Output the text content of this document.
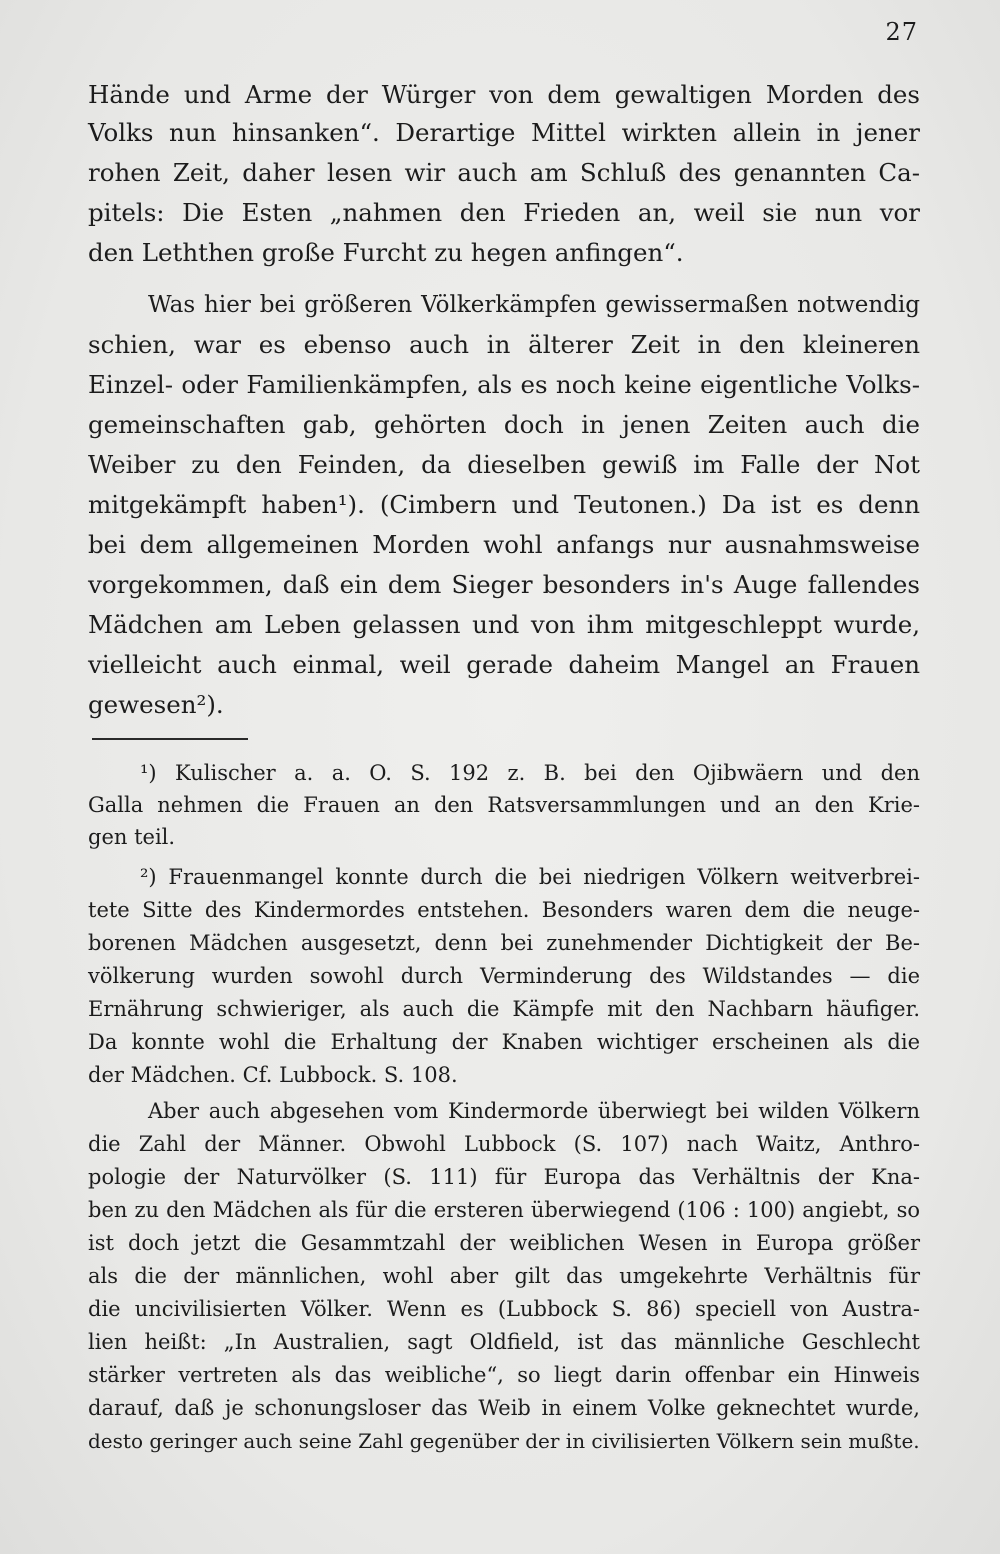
27
Hände und Arme der Würger von dem gewaltigen Morden des
Volks nun hinsanken“. Derartige Mittel wirkten allein in jener
rohen Zeit, daher lesen wir auch am Schluß des genannten Ca-
pitels: Die Esten „nahmen den Frieden an, weil sie nun vor
den Leththen große Furcht zu hegen anfingen“.
Was hier bei größeren Völkerkämpfen gewissermaßen notwendig
schien, war es ebenso auch in älterer Zeit in den kleineren
Einzel- oder Familienkämpfen, als es noch keine eigentliche Volks-
gemeinschaften gab, gehörten doch in jenen Zeiten auch die
Weiber zu den Feinden, da dieselben gewiß im Falle der Not
mitgekämpft haben¹). (Cimbern und Teutonen.) Da ist es denn
bei dem allgemeinen Morden wohl anfangs nur ausnahmsweise
vorgekommen, daß ein dem Sieger besonders in's Auge fallendes
Mädchen am Leben gelassen und von ihm mitgeschleppt wurde,
vielleicht auch einmal, weil gerade daheim Mangel an Frauen
gewesen²).
¹) Kulischer a. a. O. S. 192 z. B. bei den Ojibwäern und den
Galla nehmen die Frauen an den Ratsversammlungen und an den Krie-
gen teil.
²) Frauenmangel konnte durch die bei niedrigen Völkern weitverbrei-
tete Sitte des Kindermordes entstehen. Besonders waren dem die neuge-
borenen Mädchen ausgesetzt, denn bei zunehmender Dichtigkeit der Be-
völkerung wurden sowohl durch Verminderung des Wildstandes — die
Ernährung schwieriger, als auch die Kämpfe mit den Nachbarn häufiger.
Da konnte wohl die Erhaltung der Knaben wichtiger erscheinen als die
der Mädchen. Cf. Lubbock. S. 108.
Aber auch abgesehen vom Kindermorde überwiegt bei wilden Völkern
die Zahl der Männer. Obwohl Lubbock (S. 107) nach Waitz, Anthro-
pologie der Naturvölker (S. 111) für Europa das Verhältnis der Kna-
ben zu den Mädchen als für die ersteren überwiegend (106 : 100) angiebt, so
ist doch jetzt die Gesammtzahl der weiblichen Wesen in Europa größer
als die der männlichen, wohl aber gilt das umgekehrte Verhältnis für
die uncivilisierten Völker. Wenn es (Lubbock S. 86) speciell von Austra-
lien heißt: „In Australien, sagt Oldfield, ist das männliche Geschlecht
stärker vertreten als das weibliche“, so liegt darin offenbar ein Hinweis
darauf, daß je schonungsloser das Weib in einem Volke geknechtet wurde,
desto geringer auch seine Zahl gegenüber der in civilisierten Völkern sein mußte.
